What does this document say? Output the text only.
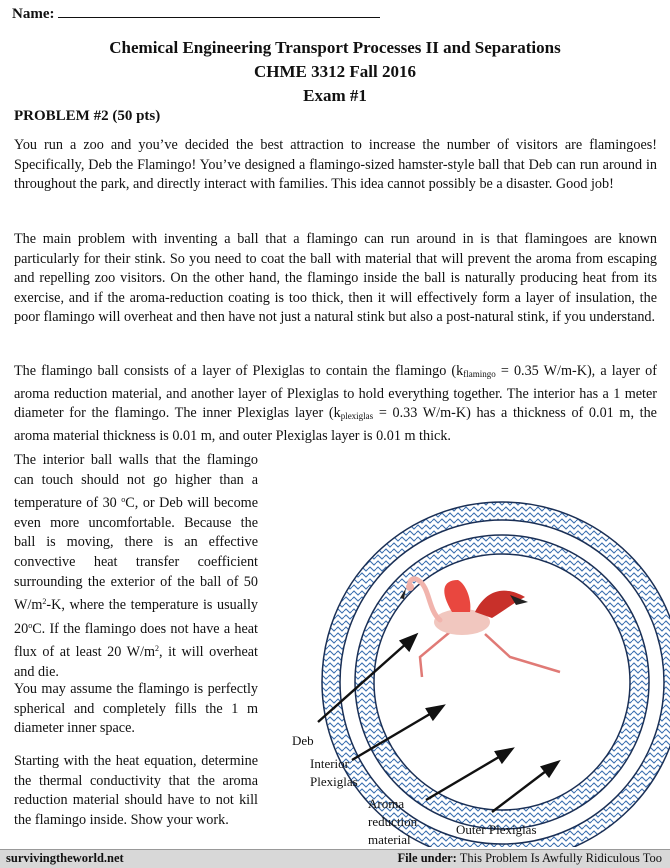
Name:
Chemical Engineering Transport Processes II and Separations
CHME 3312 Fall 2016
Exam #1
PROBLEM #2 (50 pts)

You run a zoo and you’ve decided the best attraction to increase the number of visitors are flamingoes! Specifically, Deb the Flamingo! You’ve designed a flamingo-sized hamster-style ball that Deb can run around in throughout the park, and directly interact with families. This idea cannot possibly be a disaster. Good job!

The main problem with inventing a ball that a flamingo can run around in is that flamingoes are known particularly for their stink. So you need to coat the ball with material that will prevent the aroma from escaping and repelling zoo visitors. On the other hand, the flamingo inside the ball is naturally producing heat from its exercise, and if the aroma-reduction coating is too thick, then it will effectively form a layer of insulation, the poor flamingo will overheat and then have not just a natural stink but also a post-natural stink, if you understand.

The flamingo ball consists of a layer of Plexiglas to contain the flamingo ($k_{flamingo} = 0.35$ W/m-K), a layer of aroma reduction material, and another layer of Plexiglas to hold everything together. The interior has a 1 meter diameter for the flamingo. The inner Plexiglas layer ($k_{plexiglas} = 0.33$ W/m-K) has a thickness of 0.01 m, the aroma material thickness is 0.01 m, and outer Plexiglas layer is 0.01 m thick.

The interior ball walls that the flamingo can touch should not go higher than a temperature of 30 $^o$C, or Deb will become even more uncomfortable. Because the ball is moving, there is an effective convective heat transfer coefficient surrounding the exterior of the ball of 50 $W/m^2-K$, where the temperature is usually 20$^o$C. If the flamingo does not have a heat flux of at least 20 $W/m^2$, it will overheat and die.

You may assume the flamingo is perfectly spherical and completely fills the 1 m diameter inner space.

Starting with the heat equation, determine the thermal conductivity that the aroma reduction material should have to not kill the flamingo inside. Show your work.

Deb
Interior
Plexiglas
Aroma
reduction
material
Outer Plexiglas
survivingtheworld.net	File under: This Problem Is Awfully Ridiculous Too
